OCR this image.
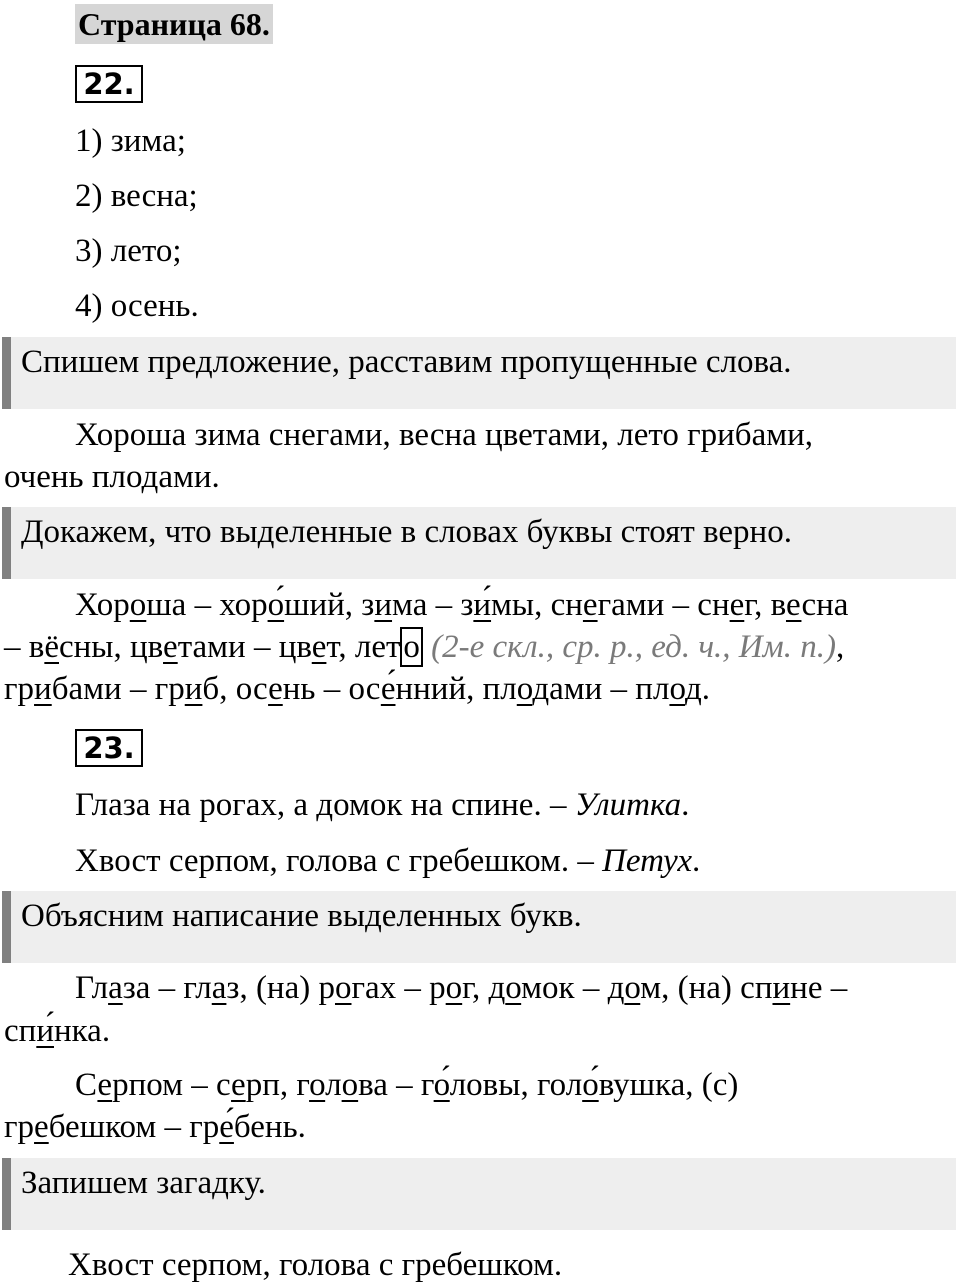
Страница 68.
22.
1) зима;
2) весна;
3) лето;
4) осень.
Спишем предложение, расставим пропущенные слова.
Хороша зима снегами, весна цветами, лето грибами,
очень плодами.
Докажем, что выделенные в словах буквы стоят верно.
Хороша – хоро́ший, зима – зи́мы, снегами – снег, весна
– вёсны, цветами – цвет, лето (2-е скл., ср. р., ед. ч., Им. п.),
грибами – гриб, осень – осе́нний, плодами – плод.
23.
Глаза на рогах, а домок на спине. – Улитка.
Хвост серпом, голова с гребешком. – Петух.
Объясним написание выделенных букв.
Глаза – глаз, (на) рогах – рог, домок – дом, (на) спине –
спи́нка.
Серпом – серп, голова – го́ловы, голо́вушка, (с)
гребешком – гре́бень.
Запишем загадку.
Хвост серпом, голова с гребешком.
